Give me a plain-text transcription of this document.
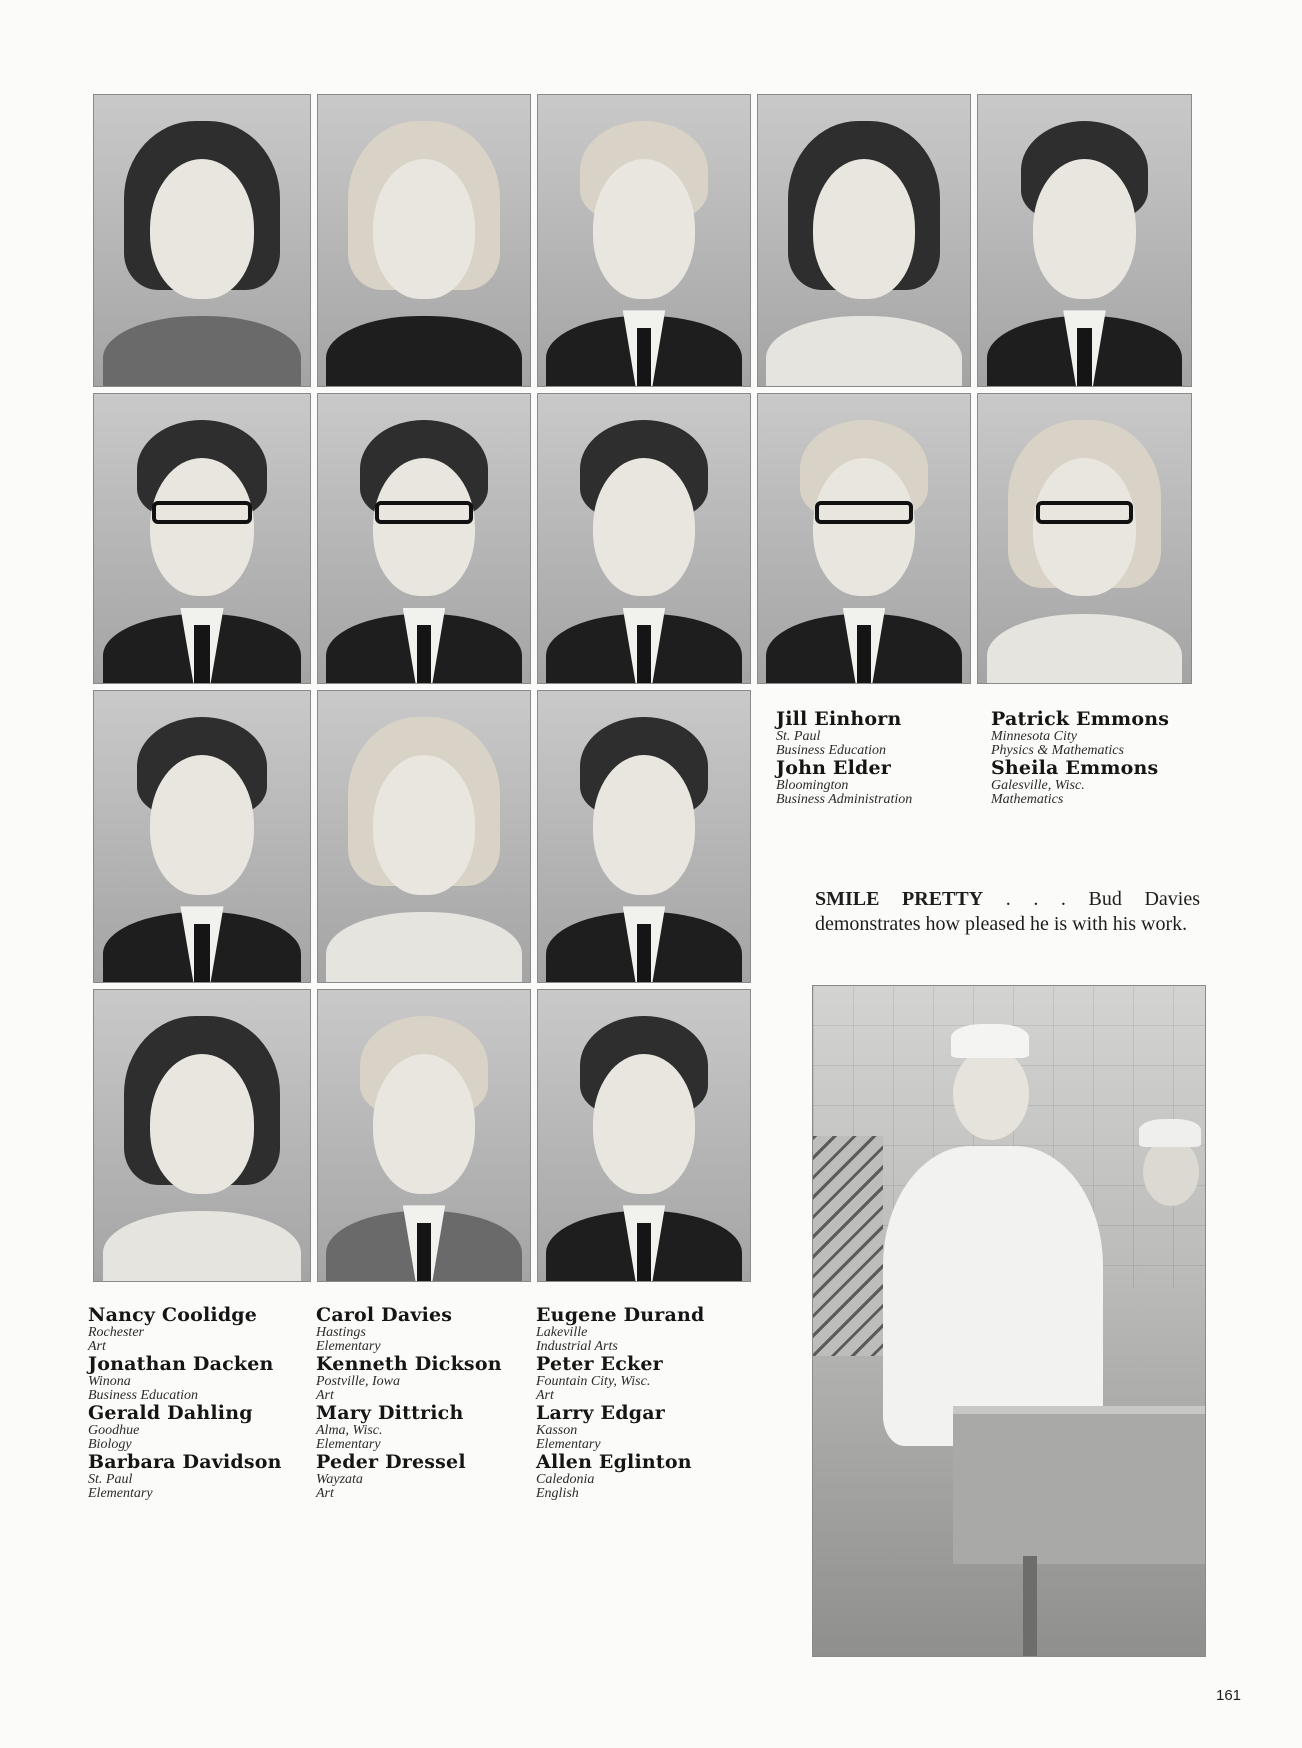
Jill Einhorn
St. Paul
Business Education
John Elder
Bloomington
Business Administration
Patrick Emmons
Minnesota City
Physics & Mathematics
Sheila Emmons
Galesville, Wisc.
Mathematics
SMILE PRETTY . . . Bud Davies demonstrates how pleased he is with his work.
Nancy Coolidge
Rochester
Art
Jonathan Dacken
Winona
Business Education
Gerald Dahling
Goodhue
Biology
Barbara Davidson
St. Paul
Elementary
Carol Davies
Hastings
Elementary
Kenneth Dickson
Postville, Iowa
Art
Mary Dittrich
Alma, Wisc.
Elementary
Peder Dressel
Wayzata
Art
Eugene Durand
Lakeville
Industrial Arts
Peter Ecker
Fountain City, Wisc.
Art
Larry Edgar
Kasson
Elementary
Allen Eglinton
Caledonia
English
161
